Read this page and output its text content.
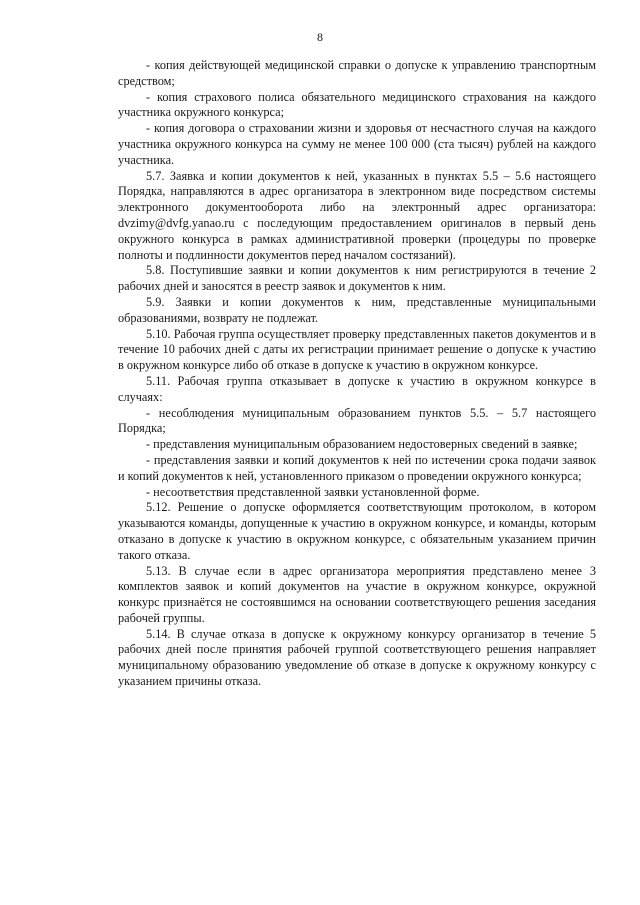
8

- копия действующей медицинской справки о допуске к управлению транспортным средством;

- копия страхового полиса обязательного медицинского страхования на каждого участника окружного конкурса;

- копия договора о страховании жизни и здоровья от несчастного случая на каждого участника окружного конкурса на сумму не менее 100 000 (ста тысяч) рублей на каждого участника.

5.7. Заявка и копии документов к ней, указанных в пунктах 5.5 – 5.6 настоящего Порядка, направляются в адрес организатора в электронном виде посредством системы электронного документооборота либо на электронный адрес организатора: dvzimy@dvfg.yanao.ru с последующим предоставлением оригиналов в первый день окружного конкурса в рамках административной проверки (процедуры по проверке полноты и подлинности документов перед началом состязаний).

5.8. Поступившие заявки и копии документов к ним регистрируются в течение 2 рабочих дней и заносятся в реестр заявок и документов к ним.

5.9. Заявки и копии документов к ним, представленные муниципальными образованиями, возврату не подлежат.

5.10. Рабочая группа осуществляет проверку представленных пакетов документов и в течение 10 рабочих дней с даты их регистрации принимает решение о допуске к участию в окружном конкурсе либо об отказе в допуске к участию в окружном конкурсе.

5.11. Рабочая группа отказывает в допуске к участию в окружном конкурсе в случаях:

- несоблюдения муниципальным образованием пунктов 5.5. – 5.7 настоящего Порядка;

- представления муниципальным образованием недостоверных сведений в заявке;

- представления заявки и копий документов к ней по истечении срока подачи заявок и копий документов к ней, установленного приказом о проведении окружного конкурса;

- несоответствия представленной заявки установленной форме.

5.12. Решение о допуске оформляется соответствующим протоколом, в котором указываются команды, допущенные к участию в окружном конкурсе, и команды, которым отказано в допуске к участию в окружном конкурсе, с обязательным указанием причин такого отказа.

5.13. В случае если в адрес организатора мероприятия представлено менее 3 комплектов заявок и копий документов на участие в окружном конкурсе, окружной конкурс признаётся не состоявшимся на основании соответствующего решения заседания рабочей группы.

5.14. В случае отказа в допуске к окружному конкурсу организатор в течение 5 рабочих дней после принятия рабочей группой соответствующего решения направляет муниципальному образованию уведомление об отказе в допуске к окружному конкурсу с указанием причины отказа.
